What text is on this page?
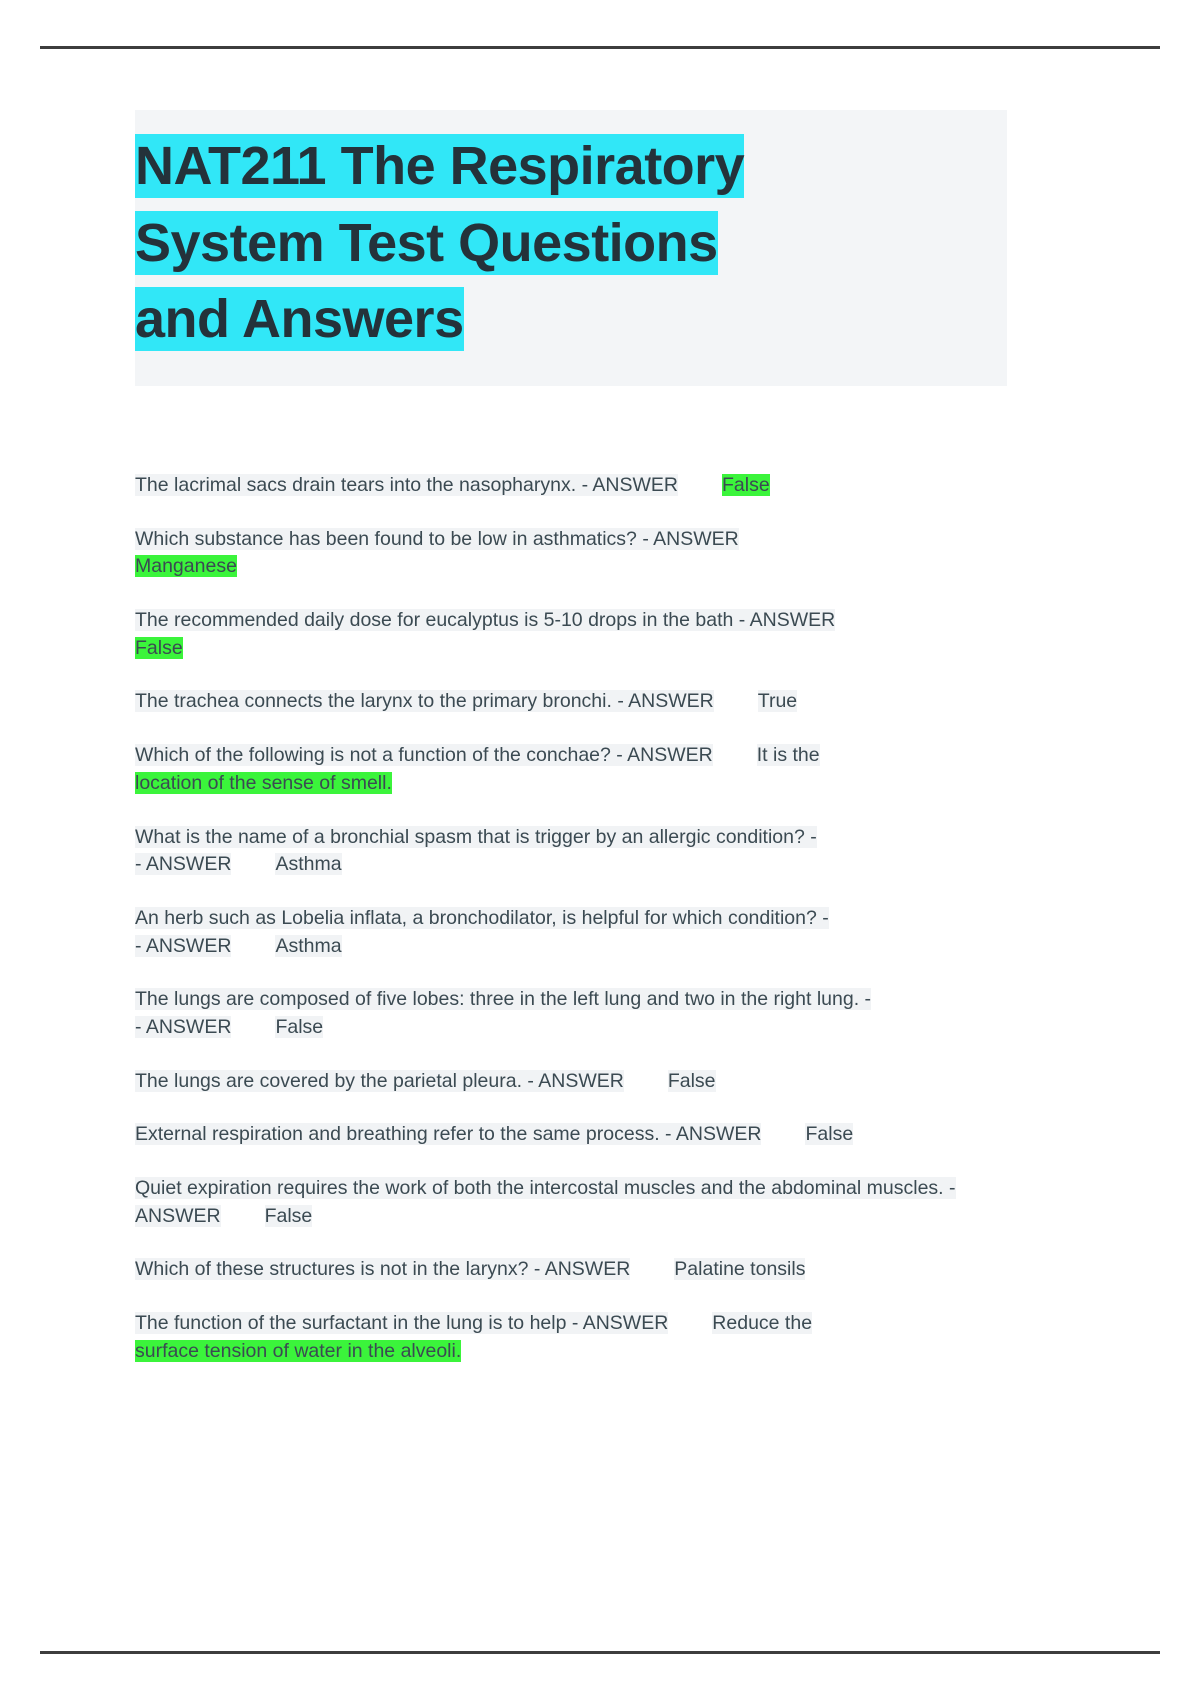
NAT211 The Respiratory
System Test Questions
and Answers
The lacrimal sacs drain tears into the nasopharynx. - ANSWER False
Which substance has been found to be low in asthmatics? - ANSWER
Manganese
The recommended daily dose for eucalyptus is 5-10 drops in the bath - ANSWER
False
The trachea connects the larynx to the primary bronchi. - ANSWER True
Which of the following is not a function of the conchae? - ANSWER It is the
location of the sense of smell.
What is the name of a bronchial spasm that is trigger by an allergic condition? -
- ANSWER Asthma
An herb such as Lobelia inflata, a bronchodilator, is helpful for which condition? -
- ANSWER Asthma
The lungs are composed of five lobes: three in the left lung and two in the right lung. -
- ANSWER False
The lungs are covered by the parietal pleura. - ANSWER False
External respiration and breathing refer to the same process. - ANSWER False
Quiet expiration requires the work of both the intercostal muscles and the abdominal muscles. - ANSWER False
Which of these structures is not in the larynx? - ANSWER Palatine tonsils
The function of the surfactant in the lung is to help - ANSWER Reduce the
surface tension of water in the alveoli.
